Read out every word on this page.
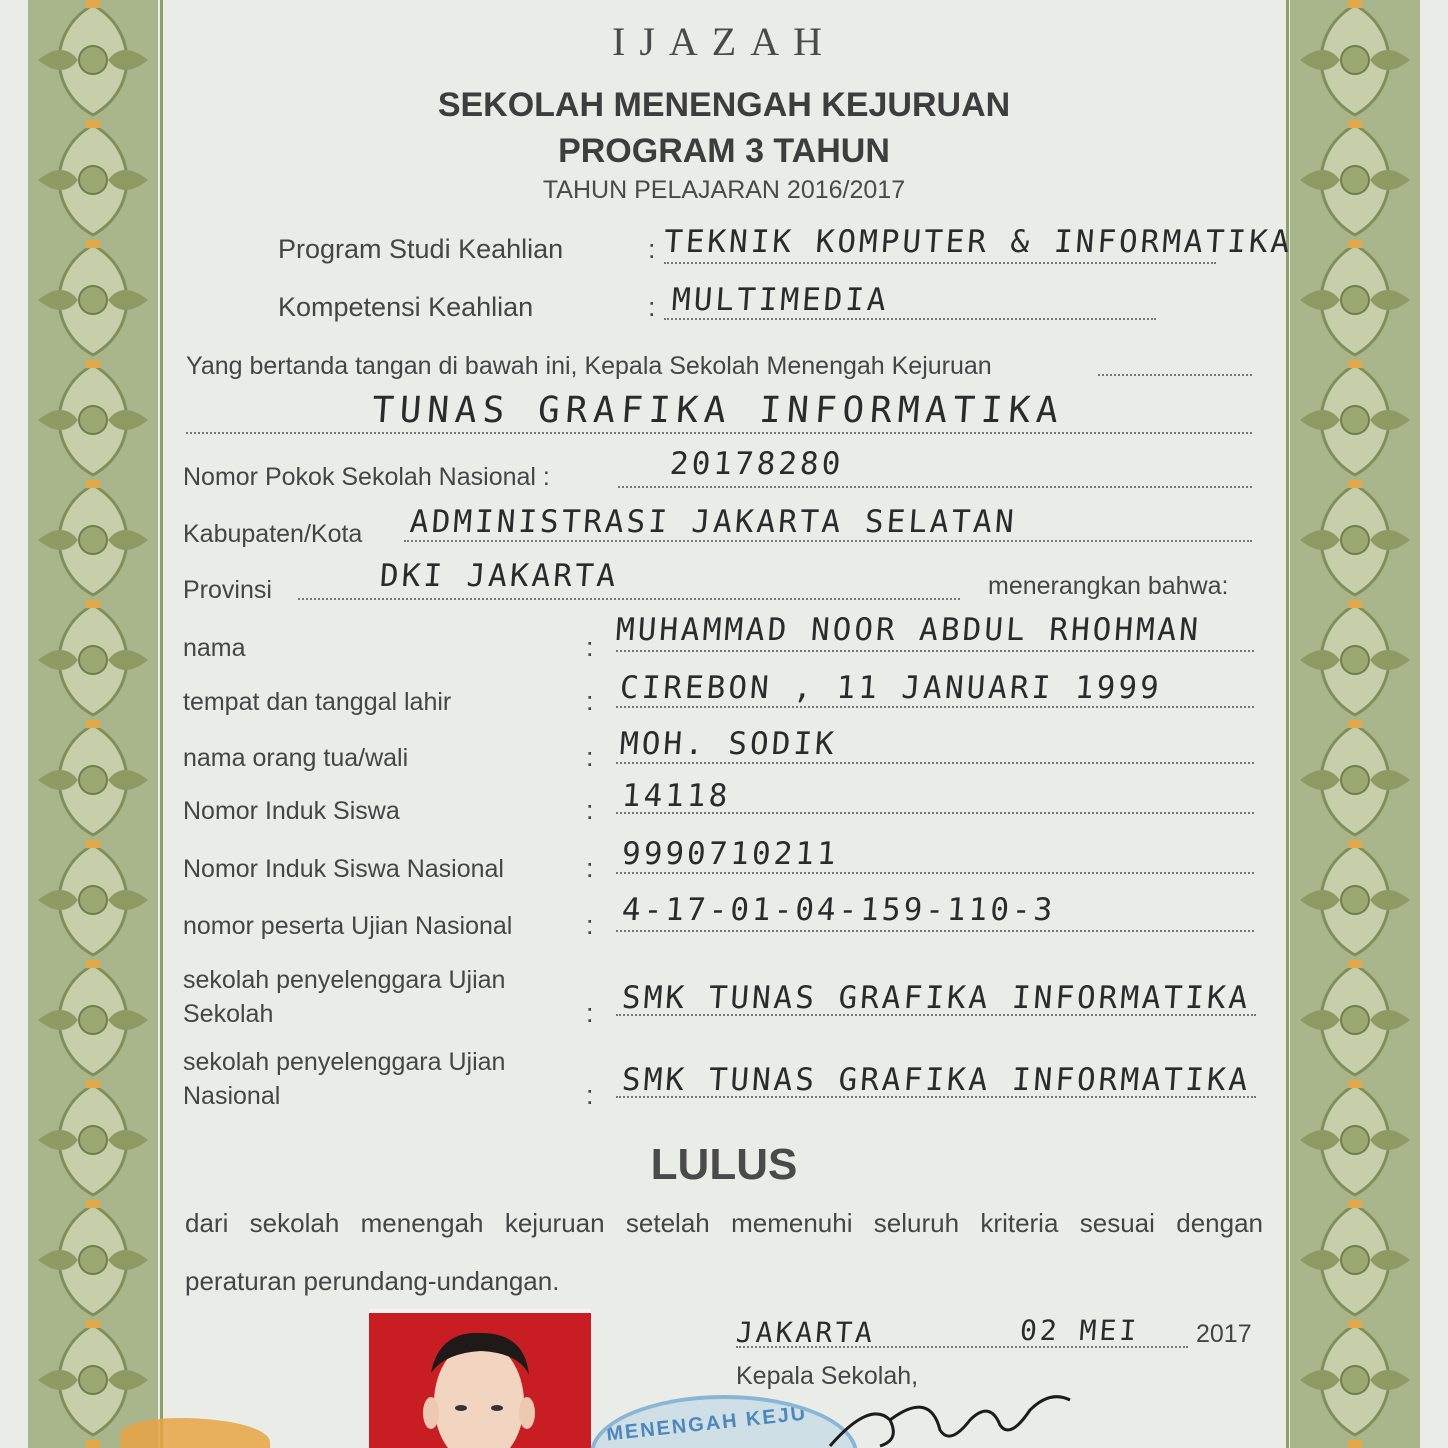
IJAZAH
SEKOLAH MENENGAH KEJURUAN
PROGRAM 3 TAHUN
TAHUN PELAJARAN 2016/2017
Program Studi Keahlian	: TEKNIK KOMPUTER & INFORMATIKA
Kompetensi Keahlian	: MULTIMEDIA
Yang bertanda tangan di bawah ini, Kepala Sekolah Menengah Kejuruan
TUNAS GRAFIKA INFORMATIKA
Nomor Pokok Sekolah Nasional :	20178280
Kabupaten/Kota ADMINISTRASI JAKARTA SELATAN
Provinsi	DKI JAKARTA	menerangkan bahwa:
nama	: MUHAMMAD NOOR ABDUL RHOHMAN
tempat dan tanggal lahir	: CIREBON , 11 JANUARI 1999
nama orang tua/wali	: MOH. SODIK
Nomor Induk Siswa	: 14118
Nomor Induk Siswa Nasional	: 9990710211
nomor peserta Ujian Nasional	: 4-17-01-04-159-110-3
sekolah penyelenggara Ujian
Sekolah	: SMK TUNAS GRAFIKA INFORMATIKA
sekolah penyelenggara Ujian
Nasional	: SMK TUNAS GRAFIKA INFORMATIKA
LULUS
dari sekolah menengah kejuruan setelah memenuhi seluruh kriteria sesuai dengan
peraturan perundang-undangan.
MENENGAH KEJU
JAKARTA	02 MEI 2017
Kepala Sekolah,
